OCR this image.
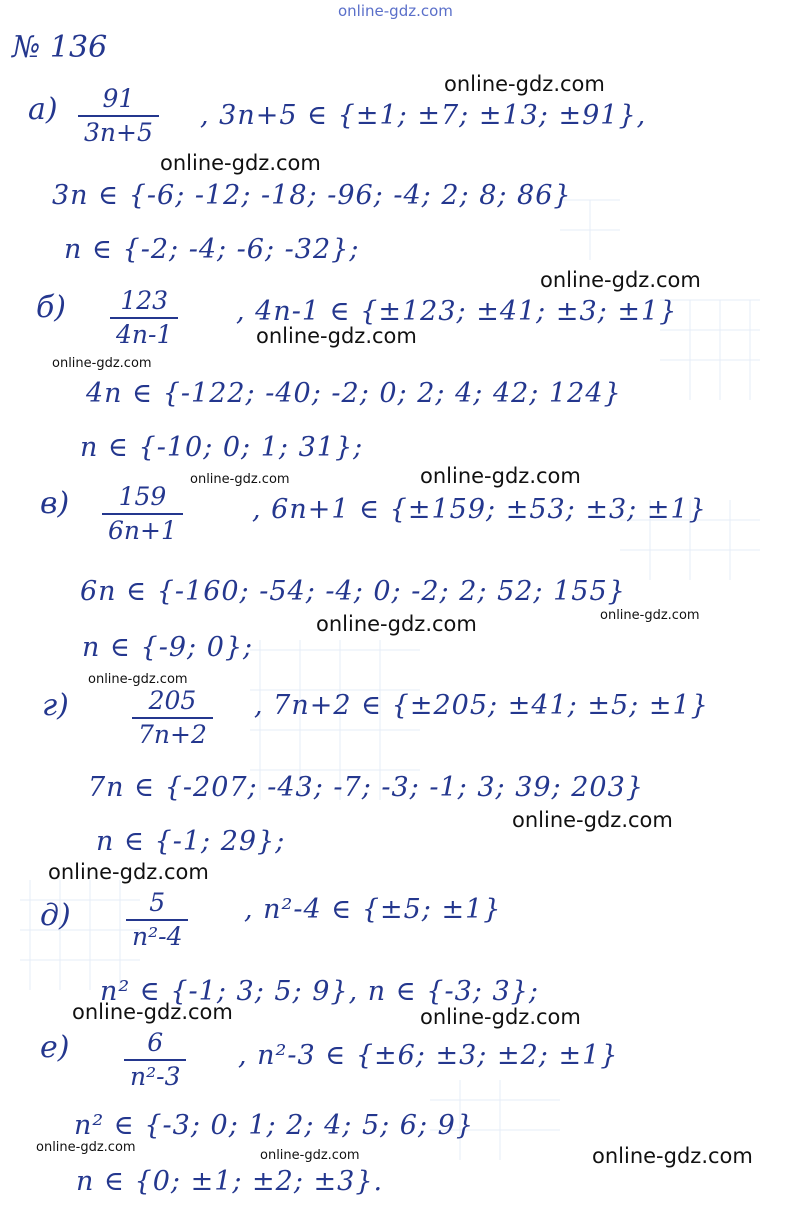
online-gdz.com
№ 136
а)	91
3n+5
, 3n+5 ∈ {±1; ±7; ±13; ±91},
3n ∈ {-6; -12; -18; -96; -4; 2; 8; 86}
n ∈ {-2; -4; -6; -32};
б)	123
4n-1
, 4n-1 ∈ {±123; ±41; ±3; ±1}
4n ∈ {-122; -40; -2; 0; 2; 4; 42; 124}
n ∈ {-10; 0; 1; 31};
в)	159
6n+1
, 6n+1 ∈ {±159; ±53; ±3; ±1}
6n ∈ {-160; -54; -4; 0; -2; 2; 52; 155}
n ∈ {-9; 0};
г)	205
7n+2
, 7n+2 ∈ {±205; ±41; ±5; ±1}
7n ∈ {-207; -43; -7; -3; -1; 3; 39; 203}
n ∈ {-1; 29};
д)	5
n²-4
, n²-4 ∈ {±5; ±1}
n² ∈ {-1; 3; 5; 9}, n ∈ {-3; 3};
е)	6
n²-3
, n²-3 ∈ {±6; ±3; ±2; ±1}
n² ∈ {-3; 0; 1; 2; 4; 5; 6; 9}
n ∈ {0; ±1; ±2; ±3}.
online-gdz.com
online-gdz.com
online-gdz.com
online-gdz.com
online-gdz.com
online-gdz.com	online-gdz.com
online-gdz.com
online-gdz.com
online-gdz.com
online-gdz.com
online-gdz.com
online-gdz.com	online-gdz.com
online-gdz.com
online-gdz.com	online-gdz.com
